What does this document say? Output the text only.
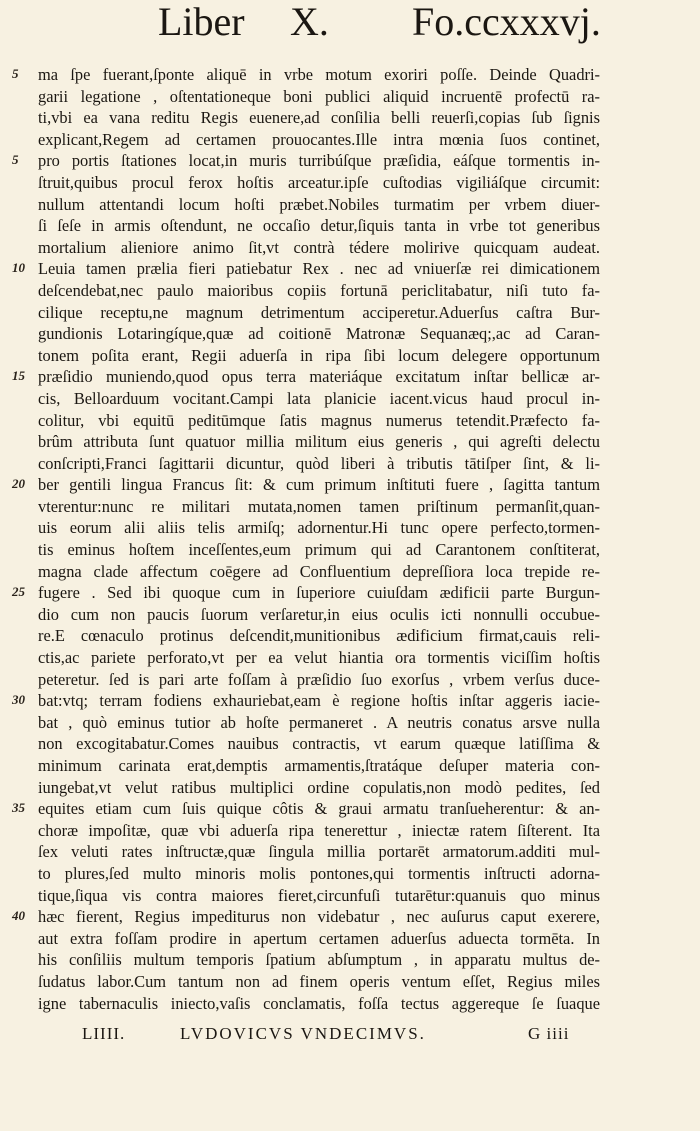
Liber X. Fo.ccxxxvj.
5	ma ſpe fuerant,ſponte aliquē in vrbe motum exoriri poſſe. Deinde Quadri-
garii legatione , oſtentationeque boni publici aliquid incruentē profectū ra-
ti,vbi ea vana reditu Regis euenere,ad conſilia belli reuerſi,copias ſub ſignis
explicant,Regem ad certamen prouocantes.Ille intra mœnia ſuos continet,
5	pro portis ſtationes locat,in muris turribúſque præſidia, eáſque tormentis in-
ſtruit,quibus procul ferox hoſtis arceatur.ipſe cuſtodias vigiliáſque circumit:
nullum attentandi locum hoſti præbet.Nobiles turmatim per vrbem diuer-
ſi ſeſe in armis oſtendunt, ne occaſio detur,ſiquis tanta in vrbe tot generibus
mortalium alieniore animo ſit,vt contrà tédere molirive quicquam audeat.
10 Leuia tamen prælia fieri patiebatur Rex . nec ad vniuerſæ rei dimicationem
deſcendebat,nec paulo maioribus copiis fortunā periclitabatur, niſi tuto fa-
cilique receptu,ne magnum detrimentum acciperetur.Aduerſus caſtra Bur-
gundionis Lotaringíque,quæ ad coitionē Matronæ Sequanæq;,ac ad Caran-
tonem poſita erant, Regii aduerſa in ripa ſibi locum delegere opportunum
15 præſidio muniendo,quod opus terra materiáque excitatum inſtar bellicæ ar-
cis, Belloarduum vocitant.Campi lata planicie iacent.vicus haud procul in-
colitur, vbi equitū peditūmque ſatis magnus numerus tetendit.Præfecto fa-
brûm attributa ſunt quatuor millia militum eius generis , qui agreſti delectu
conſcripti,Franci ſagittarii dicuntur, quòd liberi à tributis tātiſper ſint, & li-
20 ber gentili lingua Francus ſit: & cum primum inſtituti fuere , ſagitta tantum
vterentur:nunc re militari mutata,nomen tamen priſtinum permanſit,quan-
uis eorum alii aliis telis armiſq; adornentur.Hi tunc opere perfecto,tormen-
tis eminus hoſtem inceſſentes,eum primum qui ad Carantonem conſtiterat,
magna clade affectum coēgere ad Confluentium depreſſiora loca trepide re-
25 fugere . Sed ibi quoque cum in ſuperiore cuiuſdam ædificii parte Burgun-
dio cum non paucis ſuorum verſaretur,in eius oculis icti nonnulli occubue-
re.E cœnaculo protinus deſcendit,munitionibus ædificium firmat,cauis reli-
ctis,ac pariete perforato,vt per ea velut hiantia ora tormentis viciſſim hoſtis
peteretur. ſed is pari arte foſſam à præſidio ſuo exorſus , vrbem verſus duce-
30 bat:vtq; terram fodiens exhauriebat,eam è regione hoſtis inſtar aggeris iacie-
bat , quò eminus tutior ab hoſte permaneret . A neutris conatus arsve nulla
non excogitabatur.Comes nauibus contractis, vt earum quæque latiſſima &
minimum carinata erat,demptis armamentis,ſtratáque deſuper materia con-
iungebat,vt velut ratibus multiplici ordine copulatis,non modò pedites, ſed
35 equites etiam cum ſuis quique côtis & graui armatu tranſueherentur: & an-
choræ impoſitæ, quæ vbi aduerſa ripa tenerettur , iniectæ ratem ſiſterent. Ita
ſex veluti rates inſtructæ,quæ ſingula millia portarēt armatorum.additi mul-
to plures,ſed multo minoris molis pontones,qui tormentis inſtructi adorna-
tique,ſiqua vis contra maiores fieret,circunfuſi tutarētur:quanuis quo minus
40 hæc fierent, Regius impediturus non videbatur , nec auſurus caput exerere,
aut extra foſſam prodire in apertum certamen aduerſus aduecta tormēta. In
his conſiliis multum temporis ſpatium abſumptum , in apparatu multus de-
ſudatus labor.Cum tantum non ad finem operis ventum eſſet, Regius miles
igne tabernaculis iniecto,vaſis conclamatis, foſſa tectus aggereque ſe ſuaque
LIIII.	LVDOVICVS VNDECIMVS.	G iiii
